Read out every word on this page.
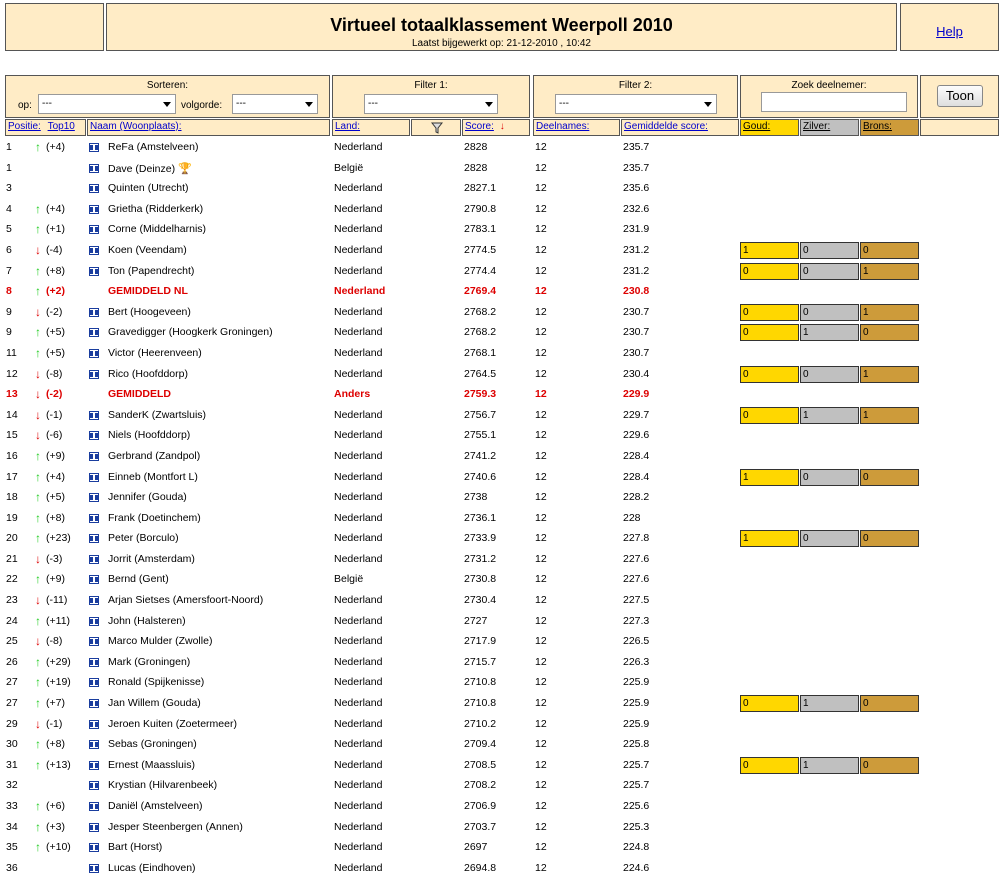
Virtueel totaalklassement Weerpoll 2010
Laatst bijgewerkt op: 21-12-2010 , 10:42
Help
Sorteren:
op:	---	volgorde:	---
Filter 1:
---
Filter 2:
---
Zoek deelnemer:
Toon
Positie: Top10	Naam (Woonplaats):	Land:	Score: ↓	Deelnames:	Gemiddelde score:	Goud:	Zilver:	Brons:
1 ↑ (+4)	ReFa (Amstelveen)	Nederland	2828	12	235.7
1	Dave (Deinze) 🏆	België	2828	12	235.7
3	Quinten (Utrecht)	Nederland	2827.1	12	235.6
4 ↑ (+4)	Grietha (Ridderkerk)	Nederland	2790.8	12	232.6
5 ↑ (+1)	Corne (Middelharnis)	Nederland	2783.1	12	231.9
6 ↓ (-4)	Koen (Veendam)	Nederland	2774.5	12	231.2	1	0	0
7 ↑ (+8)	Ton (Papendrecht)	Nederland	2774.4	12	231.2	0	0	1
8 ↑ (+2)	GEMIDDELD NL	Nederland	2769.4	12	230.8
9 ↓ (-2)	Bert (Hoogeveen)	Nederland	2768.2	12	230.7	0	0	1
9 ↑ (+5)	Gravedigger (Hoogkerk Groningen)	Nederland	2768.2	12	230.7	0	1	0
11 ↑ (+5)	Victor (Heerenveen)	Nederland	2768.1	12	230.7
12 ↓ (-8)	Rico (Hoofddorp)	Nederland	2764.5	12	230.4	0	0	1
13 ↓ (-2)	GEMIDDELD	Anders	2759.3	12	229.9
14 ↓ (-1)	SanderK (Zwartsluis)	Nederland	2756.7	12	229.7	0	1	1
15 ↓ (-6)	Niels (Hoofddorp)	Nederland	2755.1	12	229.6
16 ↑ (+9)	Gerbrand (Zandpol)	Nederland	2741.2	12	228.4
17 ↑ (+4)	Einneb (Montfort L)	Nederland	2740.6	12	228.4	1	0	0
18 ↑ (+5)	Jennifer (Gouda)	Nederland	2738	12	228.2
19 ↑ (+8)	Frank (Doetinchem)	Nederland	2736.1	12	228
20 ↑ (+23)	Peter (Borculo)	Nederland	2733.9	12	227.8	1	0	0
21 ↓ (-3)	Jorrit (Amsterdam)	Nederland	2731.2	12	227.6
22 ↑ (+9)	Bernd (Gent)	België	2730.8	12	227.6
23 ↓ (-11)	Arjan Sietses (Amersfoort-Noord)	Nederland	2730.4	12	227.5
24 ↑ (+11)	John (Halsteren)	Nederland	2727	12	227.3
25 ↓ (-8)	Marco Mulder (Zwolle)	Nederland	2717.9	12	226.5
26 ↑ (+29)	Mark (Groningen)	Nederland	2715.7	12	226.3
27 ↑ (+19)	Ronald (Spijkenisse)	Nederland	2710.8	12	225.9
27 ↑ (+7)	Jan Willem (Gouda)	Nederland	2710.8	12	225.9	0	1	0
29 ↓ (-1)	Jeroen Kuiten (Zoetermeer)	Nederland	2710.2	12	225.9
30 ↑ (+8)	Sebas (Groningen)	Nederland	2709.4	12	225.8
31 ↑ (+13)	Ernest (Maassluis)	Nederland	2708.5	12	225.7	0	1	0
32	Krystian (Hilvarenbeek)	Nederland	2708.2	12	225.7
33 ↑ (+6)	Daniël (Amstelveen)	Nederland	2706.9	12	225.6
34 ↑ (+3)	Jesper Steenbergen (Annen)	Nederland	2703.7	12	225.3
35 ↑ (+10)	Bart (Horst)	Nederland	2697	12	224.8
36	Lucas (Eindhoven)	Nederland	2694.8	12	224.6
